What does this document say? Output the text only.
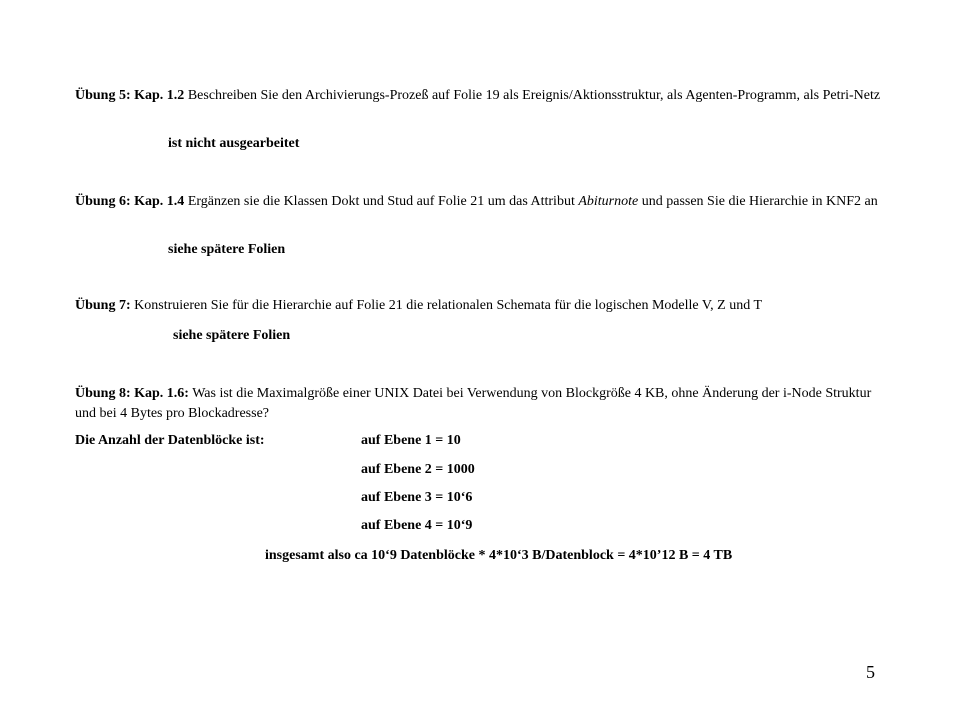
Übung 5: Kap. 1.2 Beschreiben Sie den Archivierungs-Prozeß auf Folie 19 als Ereignis/Aktionsstruktur, als Agenten-Programm, als Petri-Netz
ist nicht ausgearbeitet
Übung 6: Kap. 1.4 Ergänzen sie die Klassen Dokt und Stud auf Folie 21 um das Attribut Abiturnote und passen Sie die Hierarchie in KNF2 an
siehe spätere Folien
Übung 7: Konstruieren Sie für die Hierarchie auf Folie 21 die relationalen Schemata für die logischen Modelle V, Z und T
siehe spätere Folien
Übung 8: Kap. 1.6: Was ist die Maximalgröße einer UNIX Datei bei Verwendung von Blockgröße 4 KB, ohne Änderung der i-Node Struktur und bei 4 Bytes pro Blockadresse?
Die Anzahl der Datenblöcke ist:	auf Ebene 1 = 10
auf Ebene 2 = 1000
auf Ebene 3 = 10‘6
auf Ebene 4 = 10‘9
insgesamt also ca 10‘9 Datenblöcke * 4*10‘3 B/Datenblock = 4*10’12 B = 4 TB
5
